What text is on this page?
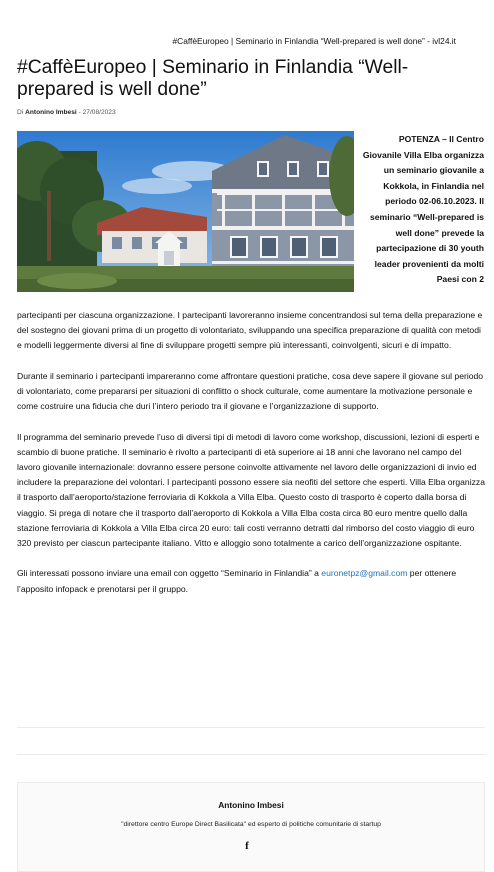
#CaffèEuropeo | Seminario in Finlandia “Well-prepared is well done” - ivl24.it
#CaffèEuropeo | Seminario in Finlandia “Well-prepared is well done”
Di Antonino Imbesi - 27/08/2023

POTENZA – Il Centro Giovanile Villa Elba organizza un seminario giovanile a Kokkola, in Finlandia nel periodo 02-06.10.2023. Il seminario “Well-prepared is well done” prevede la partecipazione di 30 youth leader provenienti da molti Paesi con 2

partecipanti per ciascuna organizzazione. I partecipanti lavoreranno insieme concentrandosi sul tema della preparazione e del sostegno dei giovani prima di un progetto di volontariato, sviluppando una specifica preparazione di qualità con metodi e modelli leggermente diversi al fine di sviluppare progetti sempre più interessanti, coinvolgenti, sicuri e di impatto.

Durante il seminario i partecipanti impareranno come affrontare questioni pratiche, cosa deve sapere il giovane sul periodo di volontariato, come prepararsi per situazioni di conflitto o shock culturale, come aumentare la motivazione personale e come costruire una fiducia che duri l’intero periodo tra il giovane e l’organizzazione di supporto.

Il programma del seminario prevede l’uso di diversi tipi di metodi di lavoro come workshop, discussioni, lezioni di esperti e scambio di buone pratiche. Il seminario è rivolto a partecipanti di età superiore ai 18 anni che lavorano nel campo del lavoro giovanile internazionale: dovranno essere persone coinvolte attivamente nel lavoro delle organizzazioni di invio ed includere la preparazione dei volontari. I partecipanti possono essere sia neofiti del settore che esperti. Villa Elba organizza il trasporto dall’aeroporto/stazione ferroviaria di Kokkola a Villa Elba. Questo costo di trasporto è coperto dalla borsa di viaggio. Si prega di notare che il trasporto dall’aeroporto di Kokkola a Villa Elba costa circa 80 euro mentre quello dalla stazione ferroviaria di Kokkola a Villa Elba circa 20 euro: tali costi verranno detratti dal rimborso del costo viaggio di euro 320 previsto per ciascun partecipante italiano. Vitto e alloggio sono totalmente a carico dell’organizzazione ospitante.

Gli interessati possono inviare una email con oggetto “Seminario in Finlandia” a euronetpz@gmail.com per ottenere l’apposito infopack e prenotarsi per il gruppo.

Antonino Imbesi
"direttore centro Europe Direct Basilicata" ed esperto di politiche comunitarie di startup
f
